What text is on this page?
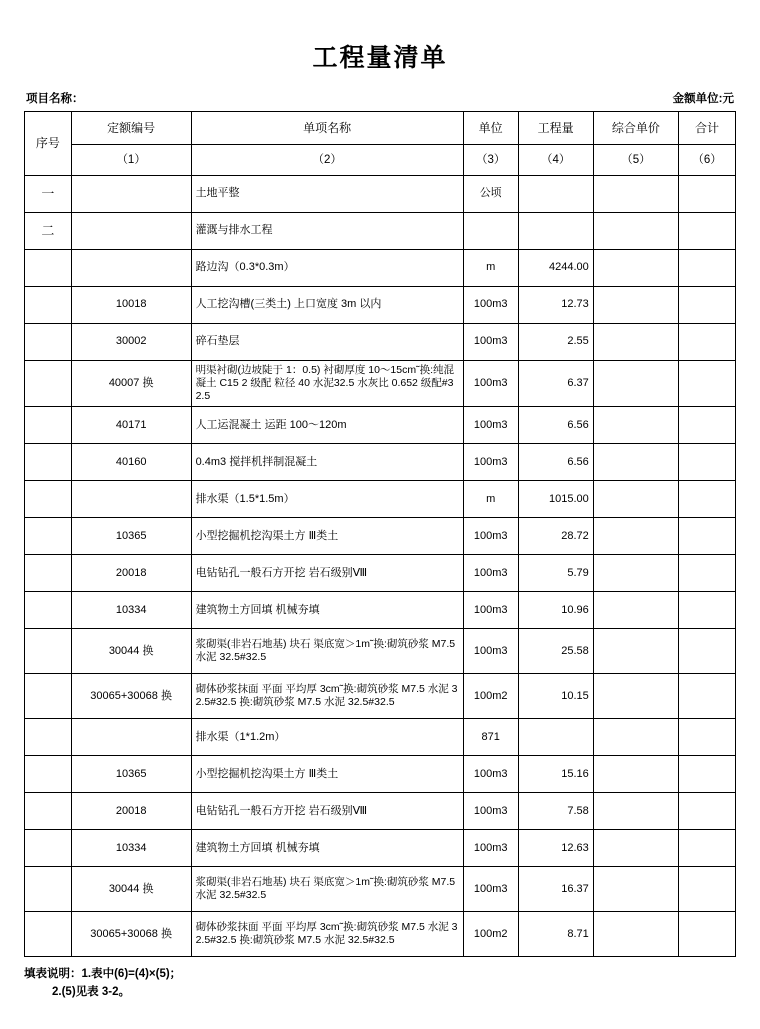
工程量清单
项目名称：	金额单位:元
序号	定额编号	单项名称	单位	工程量	综合单价	合计
	（1）	（2）	（3）	（4）	（5）	（6）
一		土地平整	公顷			
二		灌溉与排水工程				
		路边沟（0.3*0.3m）	m	4244.00		
	10018	人工挖沟槽(三类土) 上口宽度 3m 以内	100m3	12.73		
	30002	碎石垫层	100m3	2.55		
	40007 换	明渠衬砌(边坡陡于 1：0.5) 衬砌厚度 10～15cm˜换:纯混凝土 C15 2 级配 粒径 40 水泥32.5 水灰比 0.652 级配#32.5	100m3	6.37		
	40171	人工运混凝土 运距 100～120m	100m3	6.56		
	40160	0.4m3 搅拌机拌制混凝土	100m3	6.56		
		排水渠（1.5*1.5m）	m	1015.00		
	10365	小型挖掘机挖沟渠土方 Ⅲ类土	100m3	28.72		
	20018	电钻钻孔一般石方开挖 岩石级别Ⅷ	100m3	5.79		
	10334	建筑物土方回填 机械夯填	100m3	10.96		
	30044 换	浆砌渠(非岩石地基) 块石 渠底宽＞1m˜换:砌筑砂浆 M7.5 水泥 32.5#32.5	100m3	25.58		
	30065+30068 换	砌体砂浆抹面 平面 平均厚 3cm˜换:砌筑砂浆 M7.5 水泥 32.5#32.5 换:砌筑砂浆 M7.5 水泥 32.5#32.5	100m2	10.15		
		排水渠（1*1.2m）	871			
	10365	小型挖掘机挖沟渠土方 Ⅲ类土	100m3	15.16		
	20018	电钻钻孔一般石方开挖 岩石级别Ⅷ	100m3	7.58		
	10334	建筑物土方回填 机械夯填	100m3	12.63		
	30044 换	浆砌渠(非岩石地基) 块石 渠底宽＞1m˜换:砌筑砂浆 M7.5 水泥 32.5#32.5	100m3	16.37		
	30065+30068 换	砌体砂浆抹面 平面 平均厚 3cm˜换:砌筑砂浆 M7.5 水泥 32.5#32.5 换:砌筑砂浆 M7.5 水泥 32.5#32.5	100m2	8.71		
填表说明：1.表中(6)=(4)×(5)；
2.(5)见表 3-2。
